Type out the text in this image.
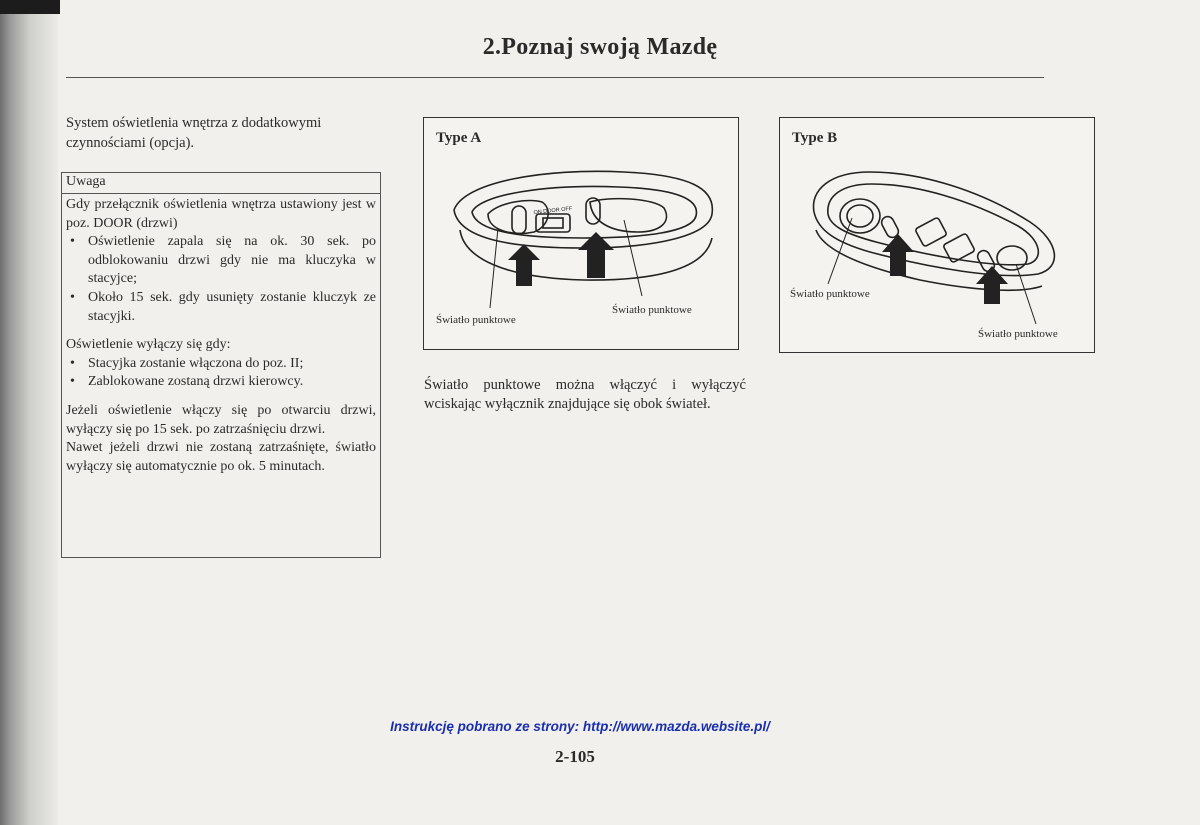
2.Poznaj swoją Mazdę
System oświetlenia wnętrza z dodatkowymi czynnościami (opcja).
Uwaga

Gdy przełącznik oświetlenia wnętrza ustawiony jest w poz. DOOR (drzwi)

• Oświetlenie zapala się na ok. 30 sek. po odblokowaniu drzwi gdy nie ma kluczyka w stacyjce;
• Około 15 sek. gdy usunięty zostanie kluczyk ze stacyjki.

Oświetlenie wyłączy się gdy:

• Stacyjka zostanie włączona do poz. II;
• Zablokowane zostaną drzwi kierowcy.

Jeżeli oświetlenie włączy się po otwarciu drzwi, wyłączy się po 15 sek. po zatrzaśnięciu drzwi.

Nawet jeżeli drzwi nie zostaną zatrzaśnięte, światło wyłączy się automatycznie po ok. 5 minutach.

ON DOOR OFF
Światło punktowe
Światło punktowe
Type A
Światło punktowe
Światło punktowe
Type B
Światło punktowe można włączyć i wyłączyć wciskając wyłącznik znajdujące się obok świateł.
Instrukcję pobrano ze strony: http://www.mazda.website.pl/
2-105
